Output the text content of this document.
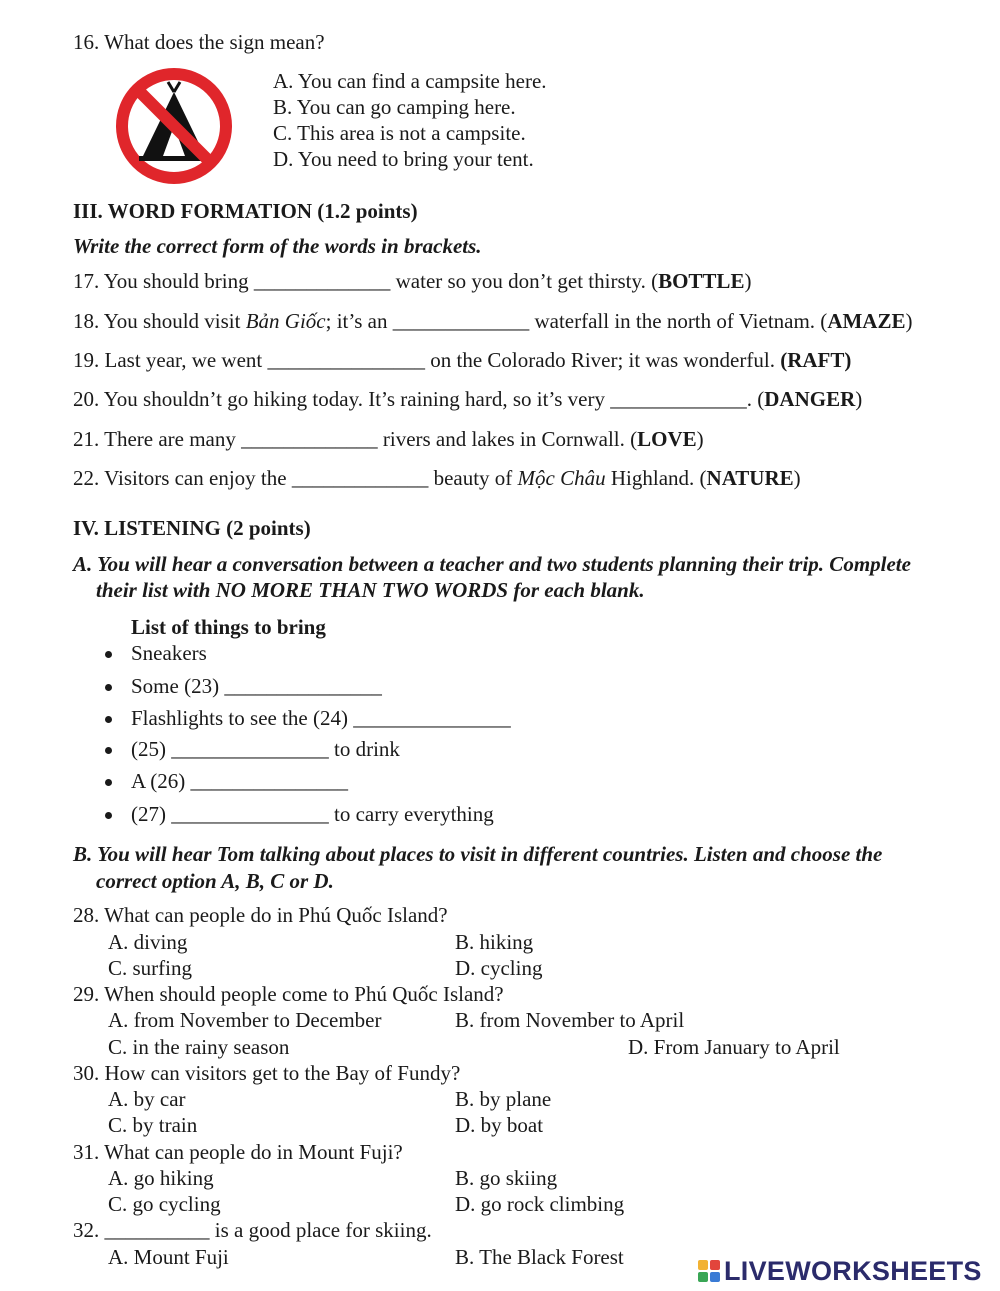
16. What does the sign mean?
A. You can find a campsite here.
B. You can go camping here.
C. This area is not a campsite.
D. You need to bring your tent.
III. WORD FORMATION (1.2 points)
Write the correct form of the words in brackets.
17. You should bring _____________ water so you don’t get thirsty. (BOTTLE)
18. You should visit Bản Giốc; it’s an _____________ waterfall in the north of Vietnam. (AMAZE)
19. Last year, we went _______________ on the Colorado River; it was wonderful. (RAFT)
20. You shouldn’t go hiking today. It’s raining hard, so it’s very _____________. (DANGER)
21. There are many _____________ rivers and lakes in Cornwall. (LOVE)
22. Visitors can enjoy the _____________ beauty of Mộc Châu Highland. (NATURE)
IV. LISTENING (2 points)
A. You will hear a conversation between a teacher and two students planning their trip. Complete
their list with NO MORE THAN TWO WORDS for each blank.
List of things to bring
Sneakers
Some (23) _______________
Flashlights to see the (24) _______________
(25) _______________ to drink
A (26) _______________
(27) _______________ to carry everything
B. You will hear Tom talking about places to visit in different countries. Listen and choose the
correct option A, B, C or D.
28. What can people do in Phú Quốc Island?
A. diving	B. hiking
C. surfing	D. cycling
29. When should people come to Phú Quốc Island?
A. from November to December	B. from November to April
C. in the rainy season	D. From January to April
30. How can visitors get to the Bay of Fundy?
A. by car	B. by plane
C. by train	D. by boat
31. What can people do in Mount Fuji?
A. go hiking	B. go skiing
C. go cycling	D. go rock climbing
32. __________ is a good place for skiing.
A. Mount Fuji	B. The Black Forest	LIVEWORKSHEETS
